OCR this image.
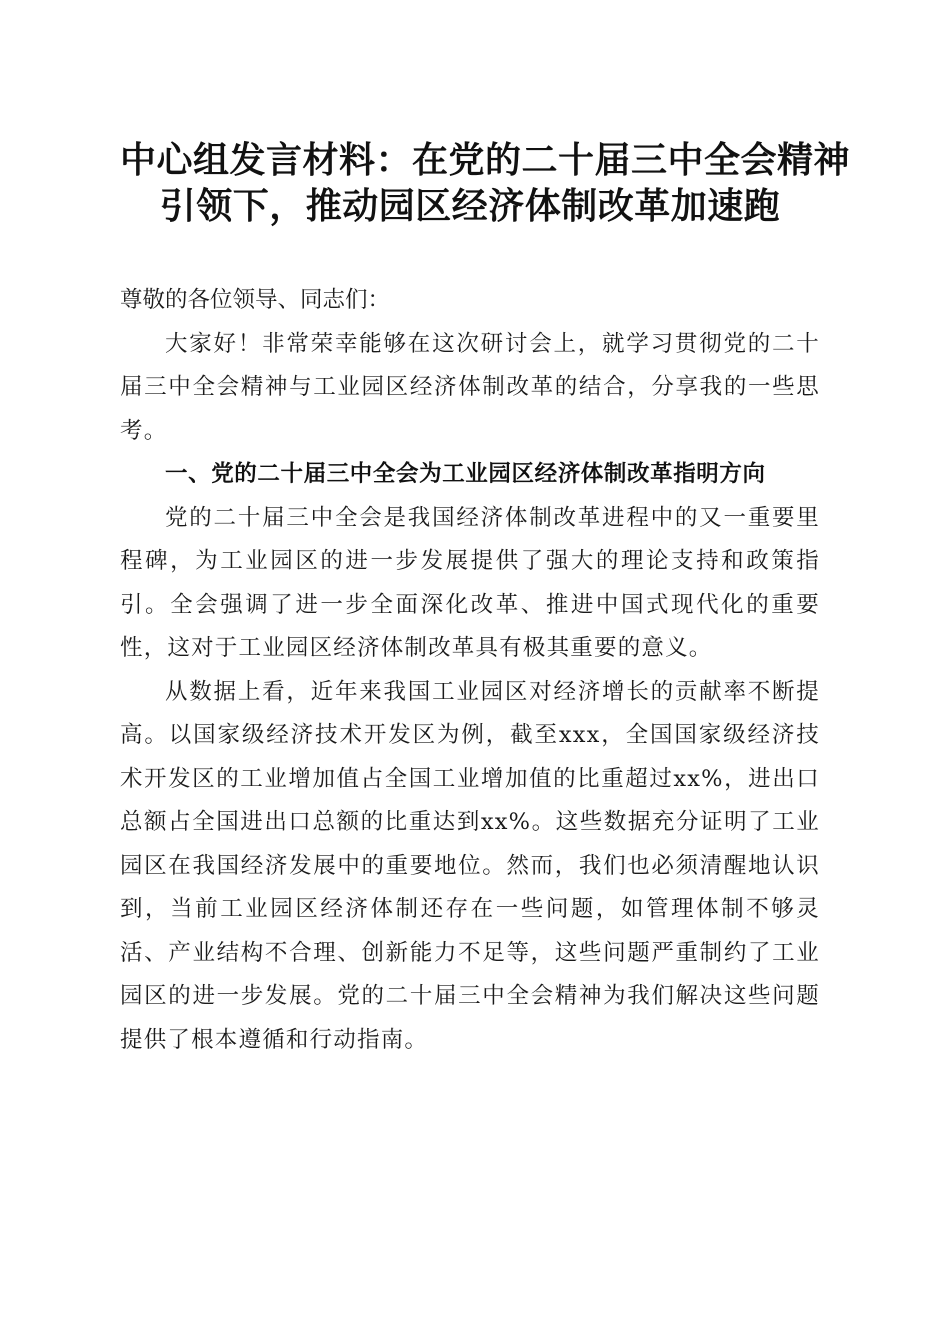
中心组发言材料：在党的二十届三中全会精神
引领下，推动园区经济体制改革加速跑

尊敬的各位领导、同志们：

大家好！非常荣幸能够在这次研讨会上，就学习贯彻党的二十届三中全会精神与工业园区经济体制改革的结合，分享我的一些思考。

一、党的二十届三中全会为工业园区经济体制改革指明方向

党的二十届三中全会是我国经济体制改革进程中的又一重要里程碑，为工业园区的进一步发展提供了强大的理论支持和政策指引。全会强调了进一步全面深化改革、推进中国式现代化的重要性，这对于工业园区经济体制改革具有极其重要的意义。

从数据上看，近年来我国工业园区对经济增长的贡献率不断提高。以国家级经济技术开发区为例，截至xxx，全国国家级经济技术开发区的工业增加值占全国工业增加值的比重超过xx%，进出口总额占全国进出口总额的比重达到xx%。这些数据充分证明了工业园区在我国经济发展中的重要地位。然而，我们也必须清醒地认识到，当前工业园区经济体制还存在一些问题，如管理体制不够灵活、产业结构不合理、创新能力不足等，这些问题严重制约了工业园区的进一步发展。党的二十届三中全会精神为我们解决这些问题提供了根本遵循和行动指南。
